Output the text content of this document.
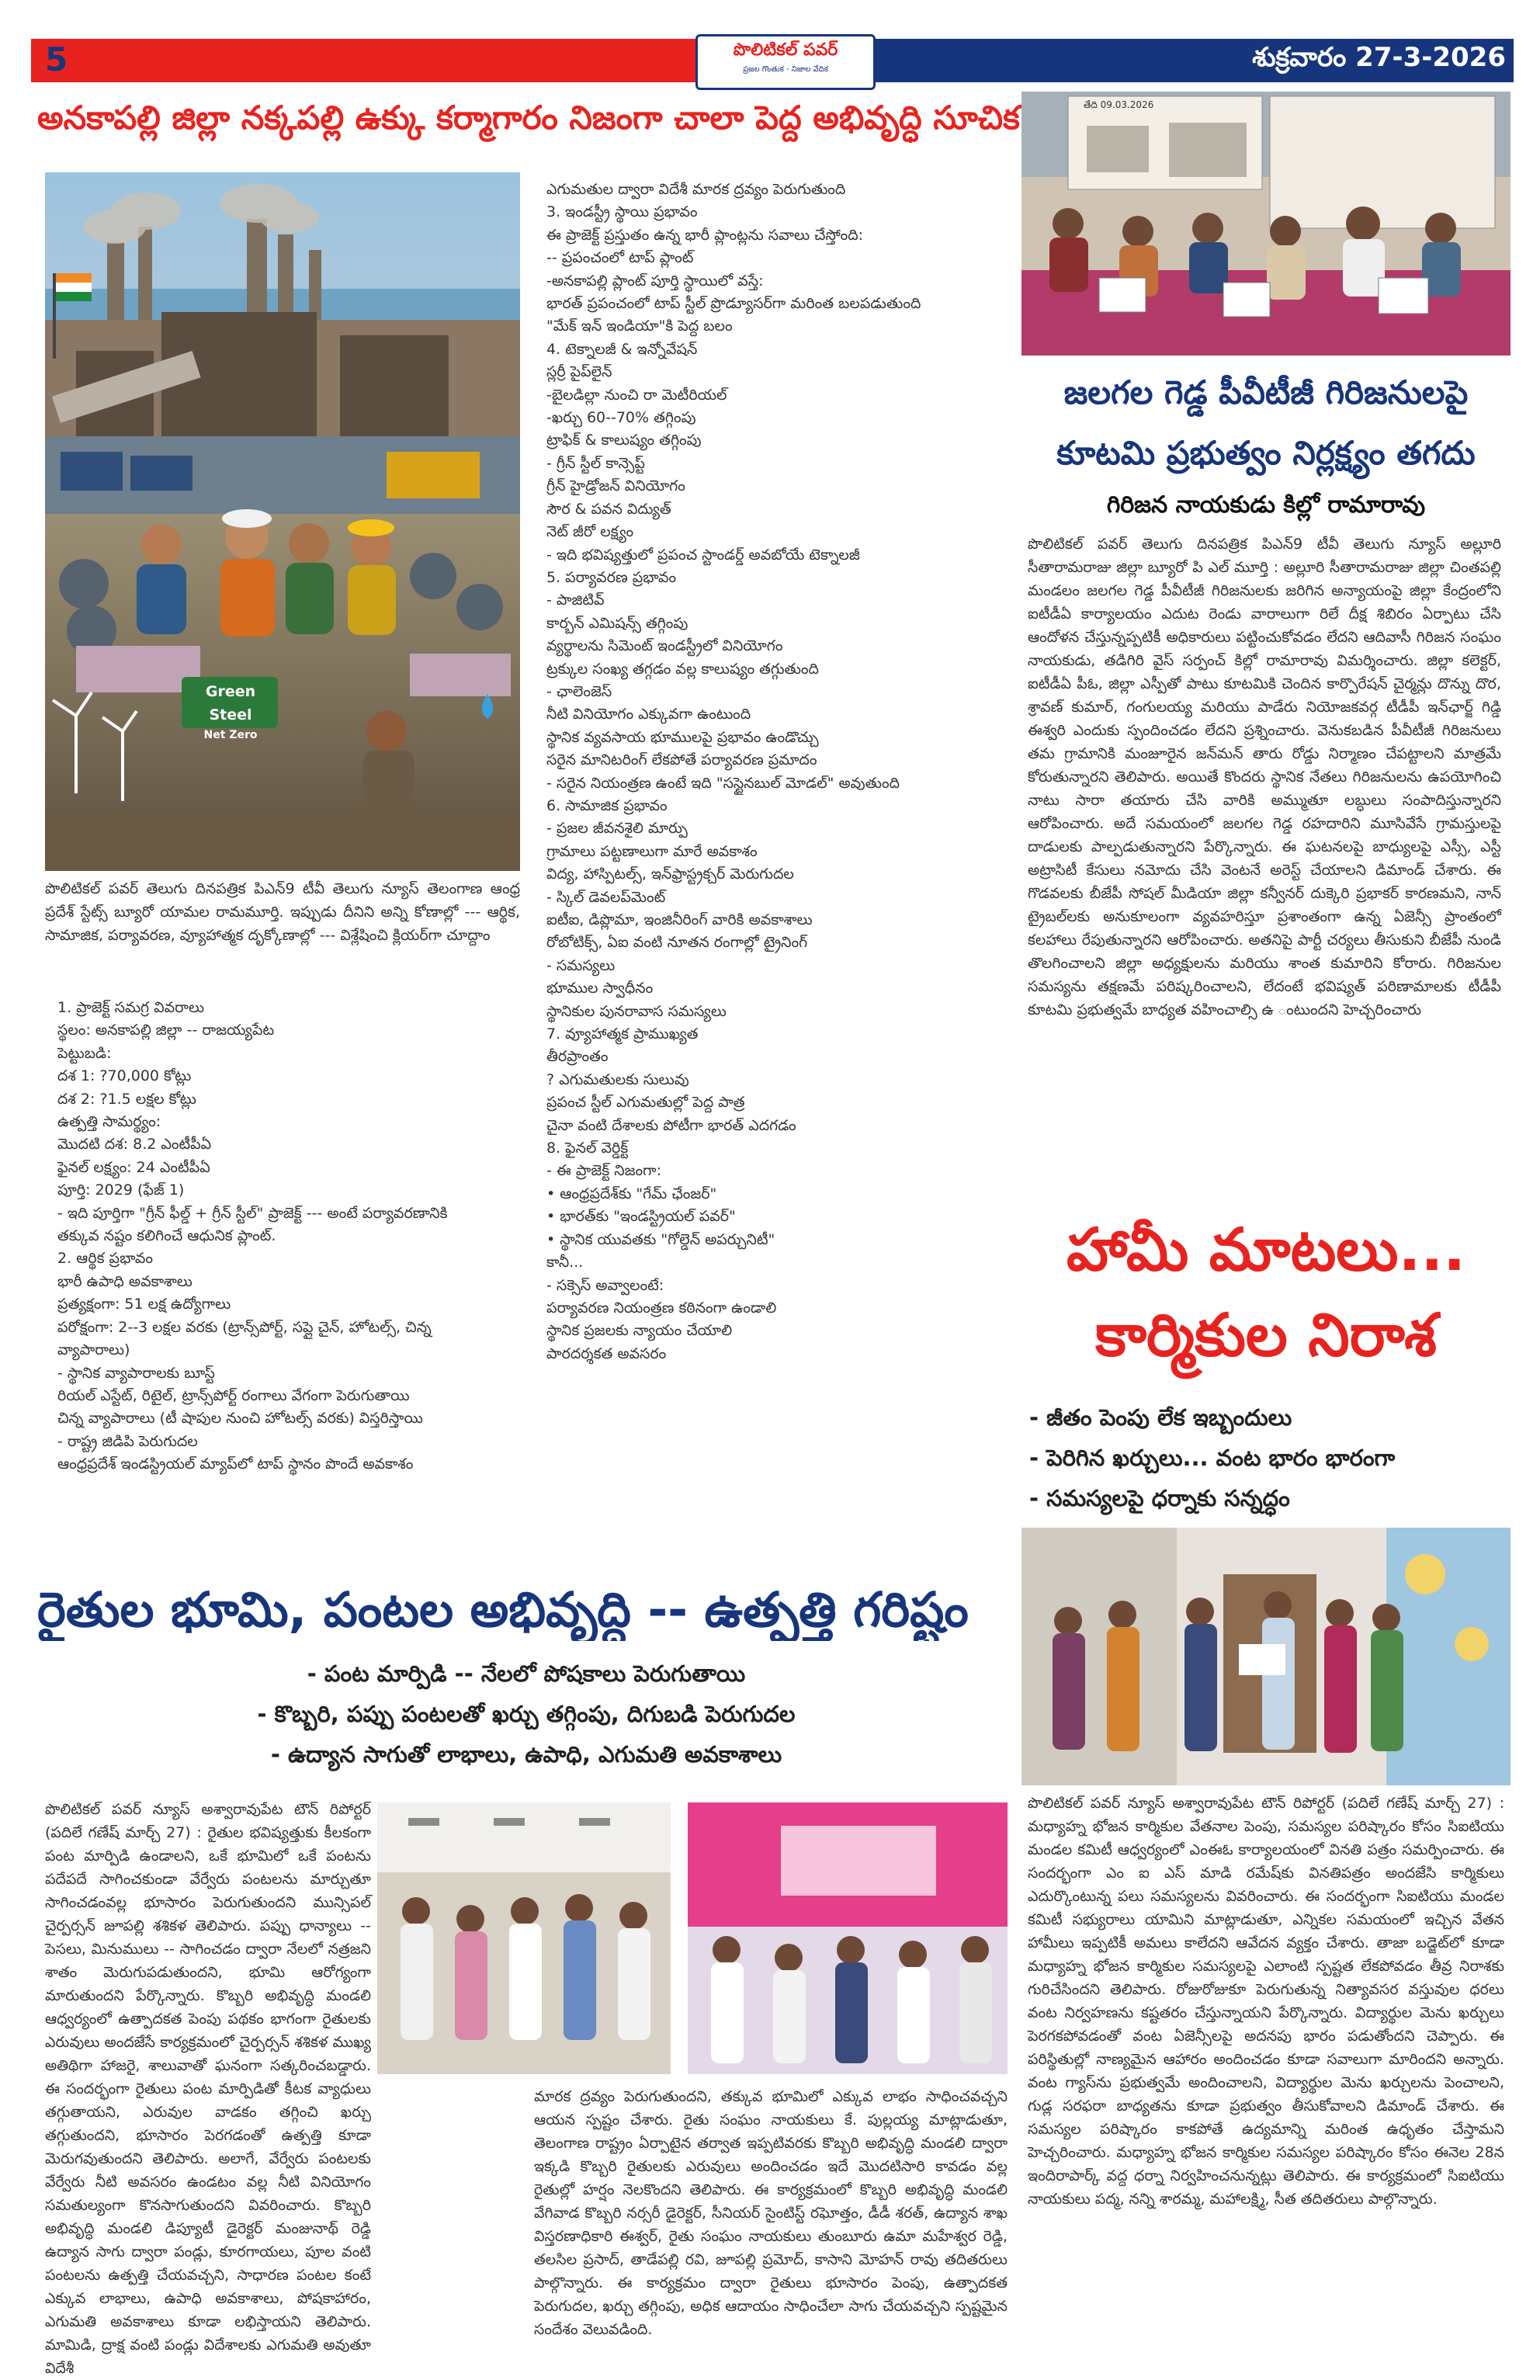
5	పొలిటికల్ పవర్
ప్రజల గొంతుక - నిజాల వేదిక	శుక్రవారం 27-3-2026
అనకాపల్లి జిల్లా నక్కపల్లి ఉక్కు కర్మాగారం నిజంగా చాలా పెద్ద అభివృద్ధి సూచిక
Green Steel
Net Zero
పొలిటికల్ పవర్ తెలుగు దినపత్రిక పిఎన్9 టీవీ తెలుగు న్యూస్ తెలంగాణ ఆంధ్ర ప్రదేశ్ స్టేట్స్ బ్యూరో యామల రామమూర్తి. ఇప్పుడు దీనిని అన్ని కోణాల్లో --- ఆర్థిక, సామాజిక, పర్యావరణ, వ్యూహాత్మక దృక్కోణాల్లో --- విశ్లేషించి క్లియర్‌గా చూద్దాం
1. ప్రాజెక్ట్ సమగ్ర వివరాలు
స్థలం: అనకాపల్లి జిల్లా -- రాజయ్యపేట
పెట్టుబడి:
దశ 1: ?70,000 కోట్లు
దశ 2: ?1.5 లక్షల కోట్లు
ఉత్పత్తి సామర్థ్యం:
మొదటి దశ: 8.2 ఎంటీపీఏ
ఫైనల్ లక్ష్యం: 24 ఎంటీపీఏ
పూర్తి: 2029 (ఫేజ్ 1)
- ఇది పూర్తిగా "గ్రీన్ ఫీల్డ్ + గ్రీన్ స్టీల్" ప్రాజెక్ట్ --- అంటే పర్యావరణానికి
తక్కువ నష్టం కలిగించే ఆధునిక ప్లాంట్.
2. ఆర్థిక ప్రభావం
భారీ ఉపాధి అవకాశాలు
ప్రత్యక్షంగా: 51 లక్ష ఉద్యోగాలు
పరోక్షంగా: 2--3 లక్షల వరకు (ట్రాన్స్‌పోర్ట్, సప్లై చైన్, హోటల్స్, చిన్న
వ్యాపారాలు)
- స్థానిక వ్యాపారాలకు బూస్ట్
రియల్ ఎస్టేట్, రిటైల్, ట్రాన్స్‌పోర్ట్ రంగాలు వేగంగా పెరుగుతాయి
చిన్న వ్యాపారాలు (టీ షాపుల నుంచి హోటల్స్ వరకు) విస్తరిస్తాయి
- రాష్ట్ర జిడిపి పెరుగుదల
ఆంధ్రప్రదేశ్ ఇండస్ట్రియల్ మ్యాప్‌లో టాప్ స్థానం పొందే అవకాశం
ఎగుమతుల ద్వారా విదేశీ మారక ద్రవ్యం పెరుగుతుంది
3. ఇండస్ట్రీ స్థాయి ప్రభావం
ఈ ప్రాజెక్ట్ ప్రస్తుతం ఉన్న భారీ ప్లాంట్లను సవాలు చేస్తోంది:
-- ప్రపంచంలో టాప్ ప్లాంట్
-అనకాపల్లి ప్లాంట్ పూర్తి స్థాయిలో వస్తే:
భారత్ ప్రపంచంలో టాప్ స్టీల్ ప్రొడ్యూసర్‌గా మరింత బలపడుతుంది
"మేక్ ఇన్ ఇండియా"కి పెద్ద బలం
4. టెక్నాలజీ & ఇన్నోవేషన్
స్లర్రీ పైప్‌లైన్
-బైలడిల్లా నుంచి రా మెటీరియల్
-ఖర్చు 60--70% తగ్గింపు
ట్రాఫిక్ & కాలుష్యం తగ్గింపు
- గ్రీన్ స్టీల్ కాన్సెప్ట్
గ్రీన్ హైడ్రోజన్ వినియోగం
సౌర & పవన విద్యుత్
నెట్ జీరో లక్ష్యం
- ఇది భవిష్యత్తులో ప్రపంచ స్టాండర్డ్ అవబోయే టెక్నాలజీ
5. పర్యావరణ ప్రభావం
- పాజిటివ్
కార్బన్ ఎమిషన్స్ తగ్గింపు
వ్యర్థాలను సిమెంట్ ఇండస్ట్రీలో వినియోగం
ట్రక్కుల సంఖ్య తగ్గడం వల్ల కాలుష్యం తగ్గుతుంది
- ఛాలెంజెస్
నీటి వినియోగం ఎక్కువగా ఉంటుంది
స్థానిక వ్యవసాయ భూములపై ప్రభావం ఉండొచ్చు
సరైన మానిటరింగ్ లేకపోతే పర్యావరణ ప్రమాదం
- సరైన నియంత్రణ ఉంటే ఇది "సస్టైనబుల్ మోడల్" అవుతుంది
6. సామాజిక ప్రభావం
- ప్రజల జీవనశైలి మార్పు
గ్రామాలు పట్టణాలుగా మారే అవకాశం
విద్య, హాస్పిటల్స్, ఇన్‌ఫ్రాస్ట్రక్చర్ మెరుగుదల
- స్కిల్ డెవలప్‌మెంట్
ఐటీఐ, డిప్లొమా, ఇంజినీరింగ్ వారికి అవకాశాలు
రోబోటిక్స్, ఏఐ వంటి నూతన రంగాల్లో ట్రైనింగ్
- సమస్యలు
భూముల స్వాధీనం
స్థానికుల పునరావాస సమస్యలు
7. వ్యూహాత్మక ప్రాముఖ్యత
తీరప్రాంతం
? ఎగుమతులకు సులువు
ప్రపంచ స్టీల్ ఎగుమతుల్లో పెద్ద పాత్ర
చైనా వంటి దేశాలకు పోటీగా భారత్ ఎదగడం
8. ఫైనల్ వెర్డిక్ట్
- ఈ ప్రాజెక్ట్ నిజంగా:
• ఆంధ్రప్రదేశ్‌కు "గేమ్ ఛేంజర్"
• భారత్‌కు "ఇండస్ట్రియల్ పవర్"
• స్థానిక యువతకు "గోల్డెన్ అపర్చునిటీ"
కానీ...
- సక్సెస్ అవ్వాలంటే:
పర్యావరణ నియంత్రణ కఠినంగా ఉండాలి
స్థానిక ప్రజలకు న్యాయం చేయాలి
పారదర్శకత అవసరం
తేది 09.03.2026
జలగల గెడ్డ పీవీటీజీ గిరిజనులపై
కూటమి ప్రభుత్వం నిర్లక్ష్యం తగదు
గిరిజన నాయకుడు కిల్లో రామారావు
పొలిటికల్ పవర్ తెలుగు దినపత్రిక పిఎన్9 టీవీ తెలుగు న్యూస్ అల్లూరి సీతారామరాజు జిల్లా బ్యూరో పి ఎల్ మూర్తి : అల్లూరి సీతారామరాజు జిల్లా చింతపల్లి మండలం జలగల గెడ్డ పీవీటీజీ గిరిజనులకు జరిగిన అన్యాయంపై జిల్లా కేంద్రంలోని ఐటీడీఏ కార్యాలయం ఎదుట రెండు వారాలుగా రిలే దీక్ష శిబిరం ఏర్పాటు చేసి ఆందోళన చేస్తున్నప్పటికీ అధికారులు పట్టించుకోవడం లేదని ఆదివాసీ గిరిజన సంఘం నాయకుడు, తడిగిరి వైస్ సర్పంచ్ కిల్లో రామారావు విమర్శించారు. జిల్లా కలెక్టర్, ఐటీడీఏ పీఓ, జిల్లా ఎస్పీతో పాటు కూటమికి చెందిన కార్పొరేషన్ చైర్మన్లు దొన్ను దొర, శ్రావణ్ కుమార్, గంగులయ్య మరియు పాడేరు నియోజకవర్గ టీడీపీ ఇన్‌ఛార్జ్ గిడ్డి ఈశ్వరి ఎందుకు స్పందించడం లేదని ప్రశ్నించారు. వెనుకబడిన పీవీటీజీ గిరిజనులు తమ గ్రామానికి మంజూరైన జన్‌మన్ తారు రోడ్డు నిర్మాణం చేపట్టాలని మాత్రమే కోరుతున్నారని తెలిపారు. అయితే కొందరు స్థానిక నేతలు గిరిజనులను ఉపయోగించి నాటు సారా తయారు చేసి వారికి అమ్ముతూ లబ్ధులు సంపాదిస్తున్నారని ఆరోపించారు. అదే సమయంలో జలగల గెడ్డ రహదారిని మూసివేసే గ్రామస్తులపై దాడులకు పాల్పడుతున్నారని పేర్కొన్నారు. ఈ ఘటనలపై బాధ్యులపై ఎస్సీ, ఎస్టీ అట్రాసిటీ కేసులు నమోదు చేసి వెంటనే అరెస్ట్ చేయాలని డిమాండ్ చేశారు. ఈ గొడవలకు బీజేపీ సోషల్ మీడియా జిల్లా కన్వీనర్ దుక్కెరి ప్రభాకర్ కారణమని, నాన్ ట్రైబల్‌లకు అనుకూలంగా వ్యవహరిస్తూ ప్రశాంతంగా ఉన్న ఏజెన్సీ ప్రాంతంలో కలహాలు రేపుతున్నారని ఆరోపించారు. అతనిపై పార్టీ చర్యలు తీసుకుని బీజేపీ నుండి తొలగించాలని జిల్లా అధ్యక్షులను మరియు శాంత కుమారిని కోరారు. గిరిజనుల సమస్యను తక్షణమే పరిష్కరించాలని, లేదంటే భవిష్యత్ పరిణామాలకు టీడీపీ కూటమి ప్రభుత్వమే బాధ్యత వహించాల్సి ఉ ంటుందని హెచ్చరించారు
హామీ మాటలు...
కార్మికుల నిరాశ
- జీతం పెంపు లేక ఇబ్బందులు
- పెరిగిన ఖర్చులు... వంట భారం భారంగా
- సమస్యలపై ధర్నాకు సన్నద్ధం
పొలిటికల్ పవర్ న్యూస్ అశ్వారావుపేట టౌన్ రిపోర్టర్ (పదిలే గణేష్ మార్చ్ 27) : మధ్యాహ్న భోజన కార్మికుల వేతనాల పెంపు, సమస్యల పరిష్కారం కోసం సిఐటియు మండల కమిటీ ఆధ్వర్యంలో ఎంఈఓ కార్యాలయంలో వినతి పత్రం సమర్పించారు. ఈ సందర్భంగా ఎం ఐ ఎస్ మాడి రమేష్‌కు వినతిపత్రం అందజేసి కార్మికులు ఎదుర్కొంటున్న పలు సమస్యలను వివరించారు. ఈ సందర్భంగా సిఐటియు మండల కమిటీ సభ్యురాలు యామిని మాట్లాడుతూ, ఎన్నికల సమయంలో ఇచ్చిన వేతన హామీలు ఇప్పటికీ అమలు కాలేదని ఆవేదన వ్యక్తం చేశారు. తాజా బడ్జెట్‌లో కూడా మధ్యాహ్న భోజన కార్మికుల సమస్యలపై ఎలాంటి స్పష్టత లేకపోవడం తీవ్ర నిరాశకు గురిచేసిందని తెలిపారు. రోజురోజుకూ పెరుగుతున్న నిత్యావసర వస్తువుల ధరలు వంట నిర్వహణను కష్టతరం చేస్తున్నాయని పేర్కొన్నారు. విద్యార్థుల మెను ఖర్చులు పెరగకపోవడంతో వంట ఏజెన్సీలపై అదనపు భారం పడుతోందని చెప్పారు. ఈ పరిస్థితుల్లో నాణ్యమైన ఆహారం అందించడం కూడా సవాలుగా మారిందని అన్నారు. వంట గ్యాస్‌ను ప్రభుత్వమే అందించాలని, విద్యార్థుల మెను ఖర్చులను పెంచాలని, గుడ్ల సరఫరా బాధ్యతను కూడా ప్రభుత్వం తీసుకోవాలని డిమాండ్ చేశారు. ఈ సమస్యల పరిష్కారం కాకపోతే ఉద్యమాన్ని మరింత ఉధృతం చేస్తామని హెచ్చరించారు. మధ్యాహ్న భోజన కార్మికుల సమస్యల పరిష్కారం కోసం ఈనెల 28న ఇందిరాపార్క్ వద్ద ధర్నా నిర్వహించనున్నట్లు తెలిపారు. ఈ కార్యక్రమంలో సిఐటియు నాయకులు పద్మ, నన్ని శారమ్మ, మహాలక్ష్మి, సీత తదితరులు పాల్గొన్నారు.
రైతుల భూమి, పంటల అభివృద్ధి -- ఉత్పత్తి గరిష్టం
- పంట మార్పిడి -- నేలలో పోషకాలు పెరుగుతాయి
- కొబ్బరి, పప్పు పంటలతో ఖర్చు తగ్గింపు, దిగుబడి పెరుగుదల
- ఉద్యాన సాగుతో లాభాలు, ఉపాధి, ఎగుమతి అవకాశాలు
పొలిటికల్ పవర్ న్యూస్ అశ్వారావుపేట టౌన్ రిపోర్టర్ (పదిలే గణేష్ మార్చ్ 27) : రైతుల భవిష్యత్తుకు కీలకంగా పంట మార్పిడి ఉండాలని, ఒకే భూమిలో ఒకే పంటను పదేపదే సాగించకుండా వేర్వేరు పంటలను మార్చుతూ సాగించడంవల్ల భూసారం పెరుగుతుందని మున్సిపల్ చైర్పర్సన్ జూపల్లి శశికళ తెలిపారు. పప్పు ధాన్యాలు -- పెసలు, మినుములు -- సాగించడం ద్వారా నేలలో నత్రజని శాతం మెరుగుపడుతుందని, భూమి ఆరోగ్యంగా మారుతుందని పేర్కొన్నారు. కొబ్బరి అభివృద్ధి మండలి ఆధ్వర్యంలో ఉత్పాదకత పెంపు పథకం భాగంగా రైతులకు ఎరువులు అందజేసే కార్యక్రమంలో చైర్పర్సన్ శశికళ ముఖ్య అతిథిగా హాజరై, శాలువాతో ఘనంగా సత్కరించబడ్డారు. ఈ సందర్భంగా రైతులు పంట మార్పిడితో కీటక వ్యాధులు తగ్గుతాయని, ఎరువుల వాడకం తగ్గించి ఖర్చు తగ్గుతుందని, భూసారం పెరగడంతో ఉత్పత్తి కూడా మెరుగవుతుందని తెలిపారు. అలాగే, వేర్వేరు పంటలకు వేర్వేరు నీటి అవసరం ఉండటం వల్ల నీటి వినియోగం సమతుల్యంగా కొనసాగుతుందని వివరించారు. కొబ్బరి అభివృద్ధి మండలి డిప్యూటీ డైరెక్టర్ మంజునాథ్ రెడ్డి ఉద్యాన సాగు ద్వారా పండ్లు, కూరగాయలు, పూల వంటి పంటలను ఉత్పత్తి చేయవచ్చని, సాధారణ పంటల కంటే ఎక్కువ లాభాలు, ఉపాధి అవకాశాలు, పోషకాహారం, ఎగుమతి అవకాశాలు కూడా లభిస్తాయని తెలిపారు. మామిడి, ద్రాక్ష వంటి పండ్లు విదేశాలకు ఎగుమతి అవుతూ విదేశీ
మారక ద్రవ్యం పెరుగుతుందని, తక్కువ భూమిలో ఎక్కువ లాభం సాధించవచ్చని ఆయన స్పష్టం చేశారు. రైతు సంఘం నాయకులు కే. పుల్లయ్య మాట్లాడుతూ, తెలంగాణ రాష్ట్రం ఏర్పాటైన తర్వాత ఇప్పటివరకు కొబ్బరి అభివృద్ధి మండలి ద్వారా ఇక్కడి కొబ్బరి రైతులకు ఎరువులు అందించడం ఇదే మొదటిసారి కావడం వల్ల రైతుల్లో హర్షం నెలకొందని తెలిపారు. ఈ కార్యక్రమంలో కొబ్బరి అభివృద్ధి మండలి వేగివాడ కొబ్బరి నర్సరీ డైరెక్టర్, సీనియర్ సైంటిస్ట్ రఘోత్తం, డీడీ శరత్, ఉద్యాన శాఖ విస్తరణాధికారి ఈశ్వర్, రైతు సంఘం నాయకులు తుంబూరు ఉమా మహేశ్వర రెడ్డి, తలసిల ప్రసాద్, తాడేపల్లి రవి, జూపల్లి ప్రమోద్, కాసాని మోహన్ రావు తదితరులు పాల్గొన్నారు. ఈ కార్యక్రమం ద్వారా రైతులు భూసారం పెంపు, ఉత్పాదకత పెరుగుదల, ఖర్చు తగ్గింపు, అధిక ఆదాయం సాధించేలా సాగు చేయవచ్చని స్పష్టమైన సందేశం వెలువడింది.
